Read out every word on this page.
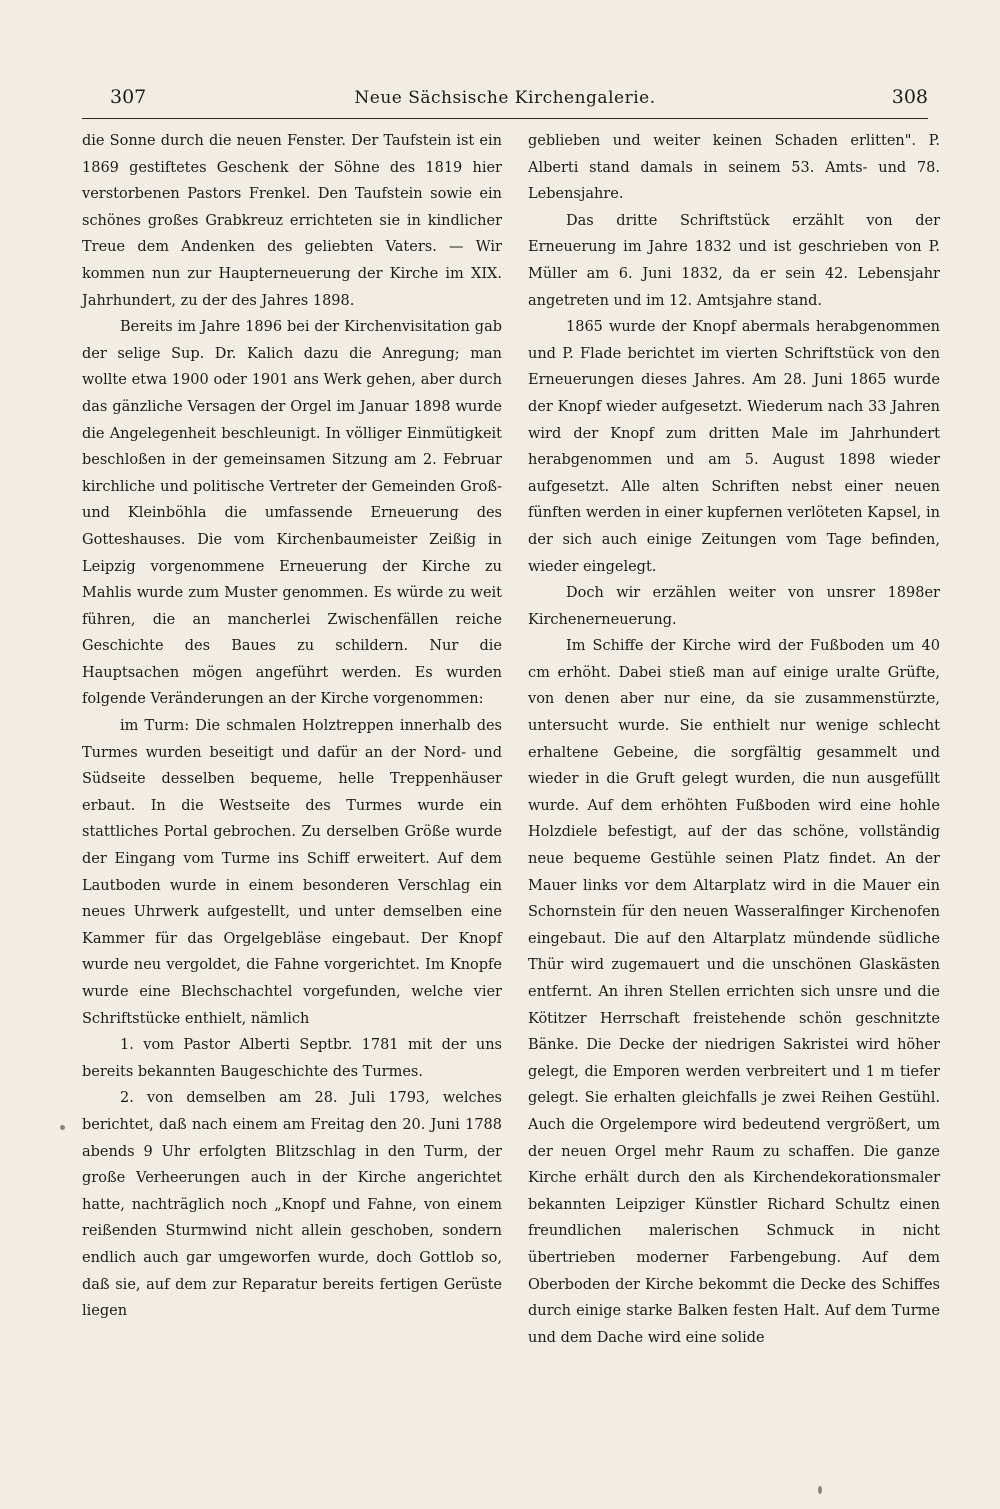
307	Neue Sächsische Kirchengalerie.	308

die Sonne durch die neuen Fenster. Der Taufstein ist ein 1869 gestiftetes Geschenk der Söhne des 1819 hier verstorbenen Pastors Frenkel. Den Taufstein sowie ein schönes großes Grabkreuz errichteten sie in kindlicher Treue dem Andenken des geliebten Vaters. — Wir kommen nun zur Haupterneuerung der Kirche im XIX. Jahrhundert, zu der des Jahres 1898.

Bereits im Jahre 1896 bei der Kirchenvisitation gab der selige Sup. Dr. Kalich dazu die Anregung; man wollte etwa 1900 oder 1901 ans Werk gehen, aber durch das gänzliche Versagen der Orgel im Januar 1898 wurde die Angelegenheit beschleunigt. In völliger Einmütigkeit beschloßen in der gemeinsamen Sitzung am 2. Februar kirchliche und politische Vertreter der Gemeinden Groß- und Kleinböhla die umfassende Erneuerung des Gotteshauses. Die vom Kirchenbaumeister Zeißig in Leipzig vorgenommene Erneuerung der Kirche zu Mahlis wurde zum Muster genommen. Es würde zu weit führen, die an mancherlei Zwischenfällen reiche Geschichte des Baues zu schildern. Nur die Hauptsachen mögen angeführt werden. Es wurden folgende Veränderungen an der Kirche vorgenommen:

im Turm: Die schmalen Holztreppen innerhalb des Turmes wurden beseitigt und dafür an der Nord- und Südseite desselben bequeme, helle Treppenhäuser erbaut. In die Westseite des Turmes wurde ein stattliches Portal gebrochen. Zu derselben Größe wurde der Eingang vom Turme ins Schiff erweitert. Auf dem Lautboden wurde in einem besonderen Verschlag ein neues Uhrwerk aufgestellt, und unter demselben eine Kammer für das Orgelgebläse eingebaut. Der Knopf wurde neu vergoldet, die Fahne vorgerichtet. Im Knopfe wurde eine Blechschachtel vorgefunden, welche vier Schriftstücke enthielt, nämlich

1. vom Pastor Alberti Septbr. 1781 mit der uns bereits bekannten Baugeschichte des Turmes.

2. von demselben am 28. Juli 1793, welches berichtet, daß nach einem am Freitag den 20. Juni 1788 abends 9 Uhr erfolgten Blitzschlag in den Turm, der große Verheerungen auch in der Kirche angerichtet hatte, nachträglich noch „Knopf und Fahne, von einem reißenden Sturmwind nicht allein geschoben, sondern endlich auch gar umgeworfen wurde, doch Gottlob so, daß sie, auf dem zur Reparatur bereits fertigen Gerüste liegen

geblieben und weiter keinen Schaden erlitten". P. Alberti stand damals in seinem 53. Amts- und 78. Lebensjahre.

Das dritte Schriftstück erzählt von der Erneuerung im Jahre 1832 und ist geschrieben von P. Müller am 6. Juni 1832, da er sein 42. Lebensjahr angetreten und im 12. Amtsjahre stand.

1865 wurde der Knopf abermals herabgenommen und P. Flade berichtet im vierten Schriftstück von den Erneuerungen dieses Jahres. Am 28. Juni 1865 wurde der Knopf wieder aufgesetzt. Wiederum nach 33 Jahren wird der Knopf zum dritten Male im Jahrhundert herabgenommen und am 5. August 1898 wieder aufgesetzt. Alle alten Schriften nebst einer neuen fünften werden in einer kupfernen verlöteten Kapsel, in der sich auch einige Zeitungen vom Tage befinden, wieder eingelegt.

Doch wir erzählen weiter von unsrer 1898er Kirchenerneuerung.

Im Schiffe der Kirche wird der Fußboden um 40 cm erhöht. Dabei stieß man auf einige uralte Grüfte, von denen aber nur eine, da sie zusammenstürzte, untersucht wurde. Sie enthielt nur wenige schlecht erhaltene Gebeine, die sorgfältig gesammelt und wieder in die Gruft gelegt wurden, die nun ausgefüllt wurde. Auf dem erhöhten Fußboden wird eine hohle Holzdiele befestigt, auf der das schöne, vollständig neue bequeme Gestühle seinen Platz findet. An der Mauer links vor dem Altarplatz wird in die Mauer ein Schornstein für den neuen Wasseralfinger Kirchenofen eingebaut. Die auf den Altarplatz mündende südliche Thür wird zugemauert und die unschönen Glaskästen entfernt. An ihren Stellen errichten sich unsre und die Kötitzer Herrschaft freistehende schön geschnitzte Bänke. Die Decke der niedrigen Sakristei wird höher gelegt, die Emporen werden verbreitert und 1 m tiefer gelegt. Sie erhalten gleichfalls je zwei Reihen Gestühl. Auch die Orgelempore wird bedeutend vergrößert, um der neuen Orgel mehr Raum zu schaffen. Die ganze Kirche erhält durch den als Kirchendekorationsmaler bekannten Leipziger Künstler Richard Schultz einen freundlichen malerischen Schmuck in nicht übertrieben moderner Farbengebung. Auf dem Oberboden der Kirche bekommt die Decke des Schiffes durch einige starke Balken festen Halt. Auf dem Turme und dem Dache wird eine solide
